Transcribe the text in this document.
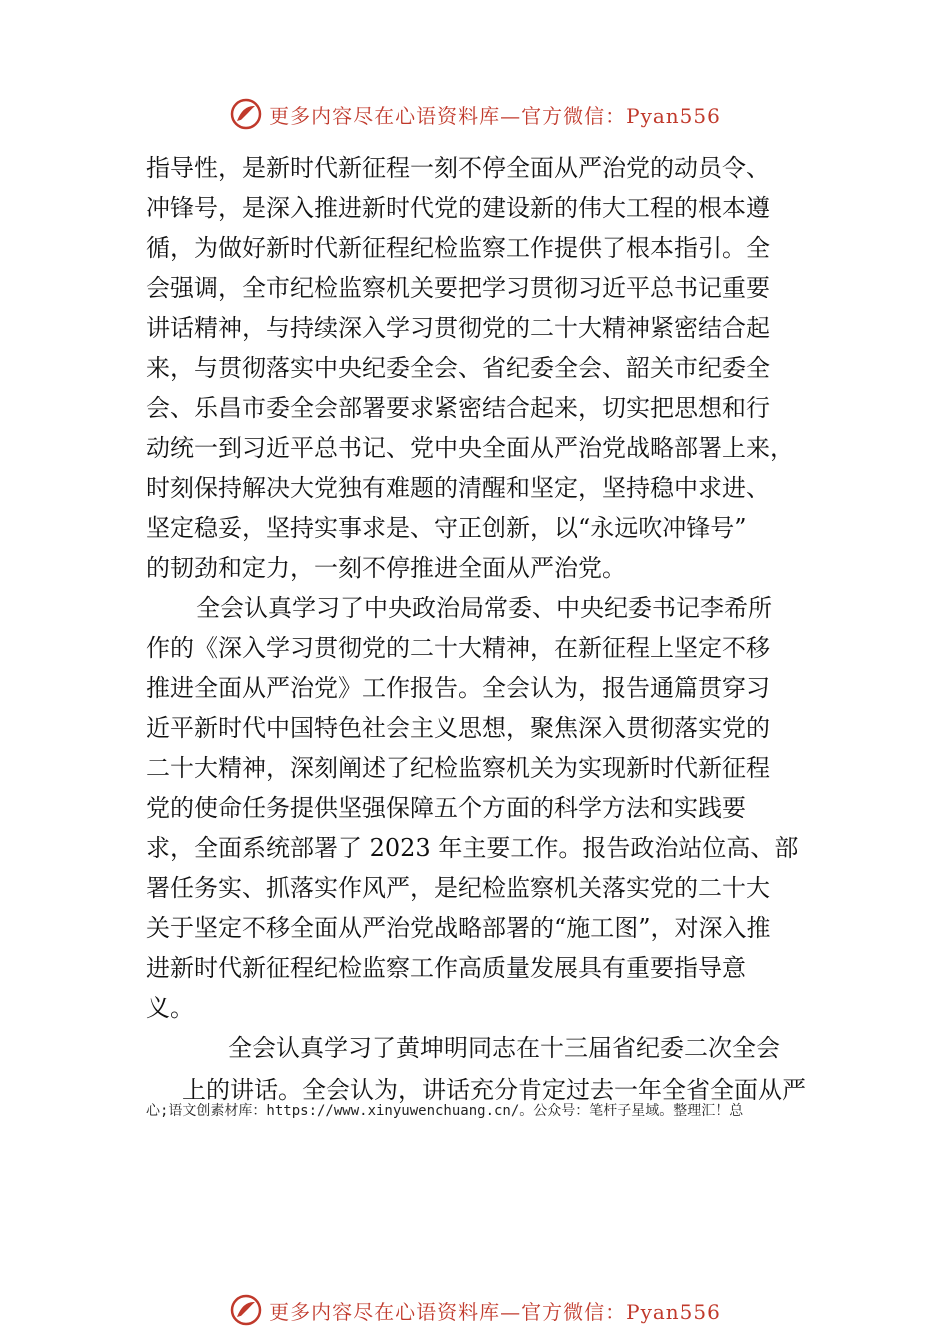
更多内容尽在心语资料库—官方微信：Pyan556

指导性，是新时代新征程一刻不停全面从严治党的动员令、
冲锋号，是深入推进新时代党的建设新的伟大工程的根本遵
循，为做好新时代新征程纪检监察工作提供了根本指引。全
会强调，全市纪检监察机关要把学习贯彻习近平总书记重要
讲话精神，与持续深入学习贯彻党的二十大精神紧密结合起
来，与贯彻落实中央纪委全会、省纪委全会、韶关市纪委全
会、乐昌市委全会部署要求紧密结合起来，切实把思想和行
动统一到习近平总书记、党中央全面从严治党战略部署上来，
时刻保持解决大党独有难题的清醒和坚定，坚持稳中求进、
坚定稳妥，坚持实事求是、守正创新，以“永远吹冲锋号”
的韧劲和定力，一刻不停推进全面从严治党。

全会认真学习了中央政治局常委、中央纪委书记李希所
作的《深入学习贯彻党的二十大精神，在新征程上坚定不移
推进全面从严治党》工作报告。全会认为，报告通篇贯穿习
近平新时代中国特色社会主义思想，聚焦深入贯彻落实党的
二十大精神，深刻阐述了纪检监察机关为实现新时代新征程
党的使命任务提供坚强保障五个方面的科学方法和实践要
求，全面系统部署了 2023 年主要工作。报告政治站位高、部
署任务实、抓落实作风严，是纪检监察机关落实党的二十大
关于坚定不移全面从严治党战略部署的“施工图”，对深入推
进新时代新征程纪检监察工作高质量发展具有重要指导意
义。

全会认真学习了黄坤明同志在十三届省纪委二次全会
上的讲话。全会认为，讲话充分肯定过去一年全省全面从严

心;语文创素材库：https://www.xinyuwenchuang.cn/。公众号：笔杆子星域。整理汇！总
更多内容尽在心语资料库—官方微信：Pyan556
